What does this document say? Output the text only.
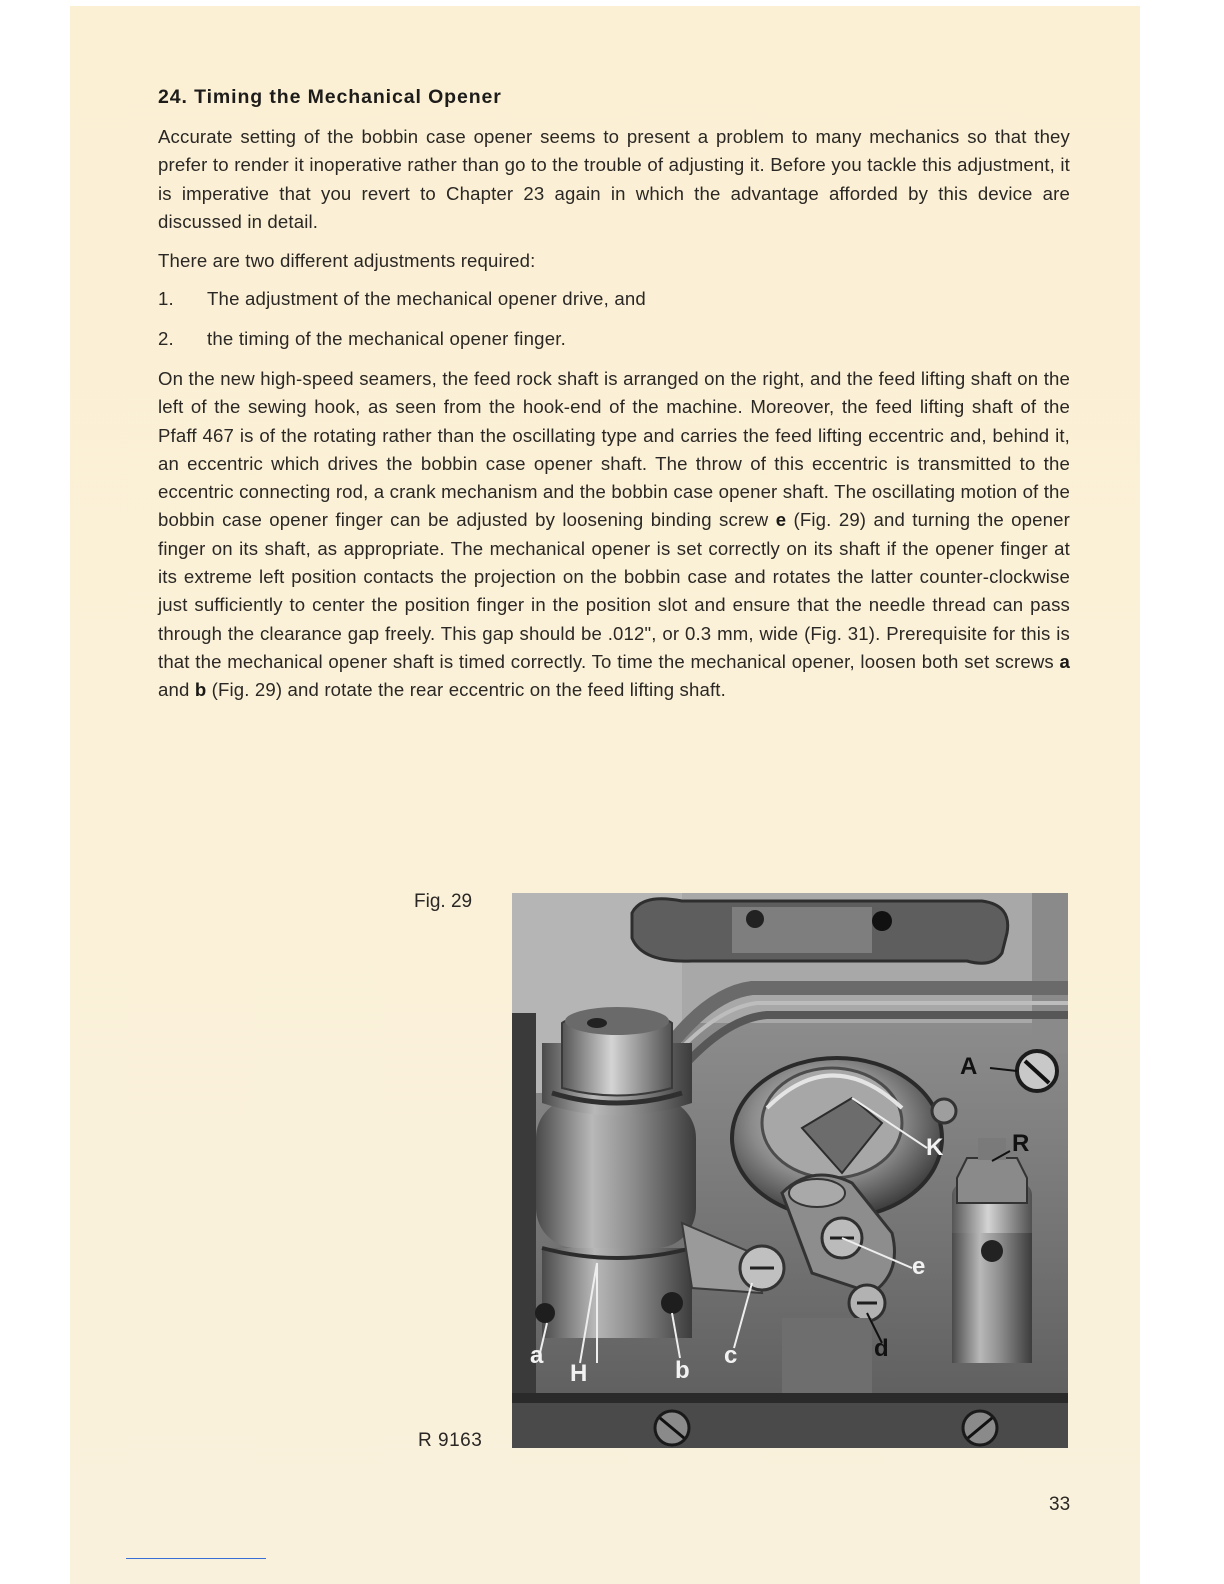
24. Timing the Mechanical Opener

Accurate setting of the bobbin case opener seems to present a problem to many mechanics so that they prefer to render it inoperative rather than go to the trouble of adjusting it. Before you tackle this adjustment, it is imperative that you revert to Chapter 23 again in which the advantage afforded by this device are discussed in detail.

There are two different adjustments required:

1. The adjustment of the mechanical opener drive, and
2. the timing of the mechanical opener finger.

On the new high-speed seamers, the feed rock shaft is arranged on the right, and the feed lifting shaft on the left of the sewing hook, as seen from the hook-end of the machine. Moreover, the feed lifting shaft of the Pfaff 467 is of the rotating rather than the oscillating type and carries the feed lifting eccentric and, behind it, an eccentric which drives the bobbin case opener shaft. The throw of this eccentric is transmitted to the eccentric connecting rod, a crank mechanism and the bobbin case opener shaft. The oscillating motion of the bobbin case opener finger can be adjusted by loosening binding screw e (Fig. 29) and turning the opener finger on its shaft, as appropriate. The mechanical opener is set correctly on its shaft if the opener finger at its extreme left position contacts the projection on the bobbin case and rotates the latter counter-clockwise just sufficiently to center the position finger in the position slot and ensure that the needle thread can pass through the clearance gap freely. This gap should be .012", or 0.3 mm, wide (Fig. 31). Prerequisite for this is that the mechanical opener shaft is timed correctly. To time the mechanical opener, loosen both set screws a and b (Fig. 29) and rotate the rear eccentric on the feed lifting shaft.

Fig. 29
R 9163
A
K	R
e
d
c
b
a
H
33
